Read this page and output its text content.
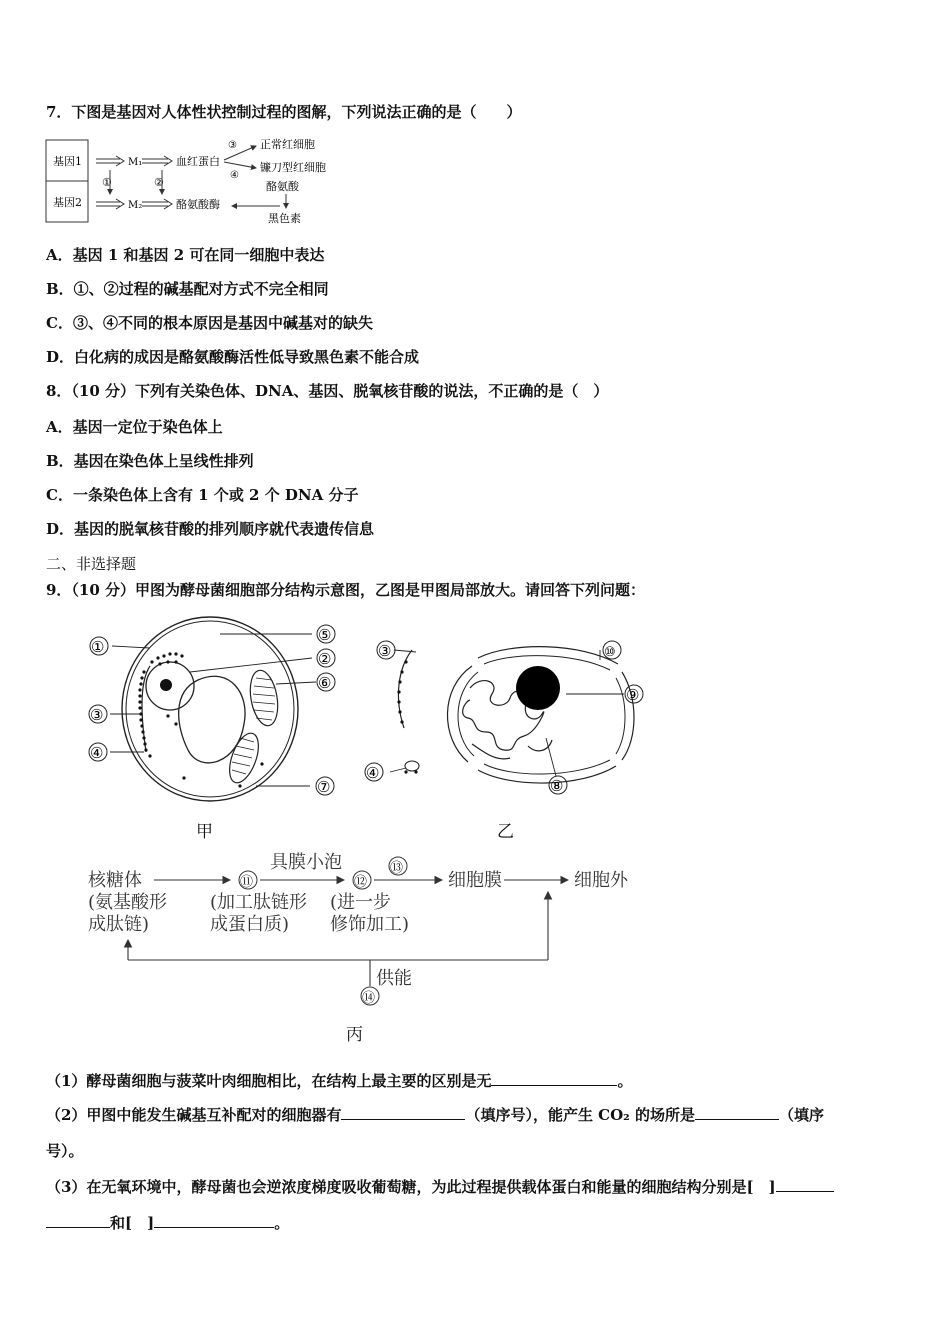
7．下图是基因对人体性状控制过程的图解，下列说法正确的是（　　）
基因1
基因2
M₁
M₂
血红蛋白
酪氨酸酶
①	②
③
④
正常红细胞
镰刀型红细胞
酪氨酸
黑色素
A．基因 1 和基因 2 可在同一细胞中表达
B．①、②过程的碱基配对方式不完全相同
C．③、④不同的根本原因是基因中碱基对的缺失
D．白化病的成因是酪氨酸酶活性低导致黑色素不能合成
8．（10 分）下列有关染色体、DNA、基因、脱氧核苷酸的说法，不正确的是（　）
A．基因一定位于染色体上
B．基因在染色体上呈线性排列
C．一条染色体上含有 1 个或 2 个 DNA 分子
D．基因的脱氧核苷酸的排列顺序就代表遗传信息
二、非选择题
9．（10 分）甲图为酵母菌细胞部分结构示意图，乙图是甲图局部放大。请回答下列问题：
①
⑤
②
⑥
③
④
⑦
③	⑩
⑨
④
⑧
甲	乙
核糖体
(氨基酸形
成肽链)
具膜小泡
(加工肽链形
成蛋白质)
(进一步
修饰加工)
细胞膜	细胞外
供能
⑪	⑫
⑬
⑭
丙
（1）酵母菌细胞与菠菜叶肉细胞相比，在结构上最主要的区别是无	。
（2）甲图中能发生碱基互补配对的细胞器有	（填序号），能产生 CO₂ 的场所是	（填序
号）。
（3）在无氧环境中，酵母菌也会逆浓度梯度吸收葡萄糖，为此过程提供载体蛋白和能量的细胞结构分别是[　]
和[　]	。
